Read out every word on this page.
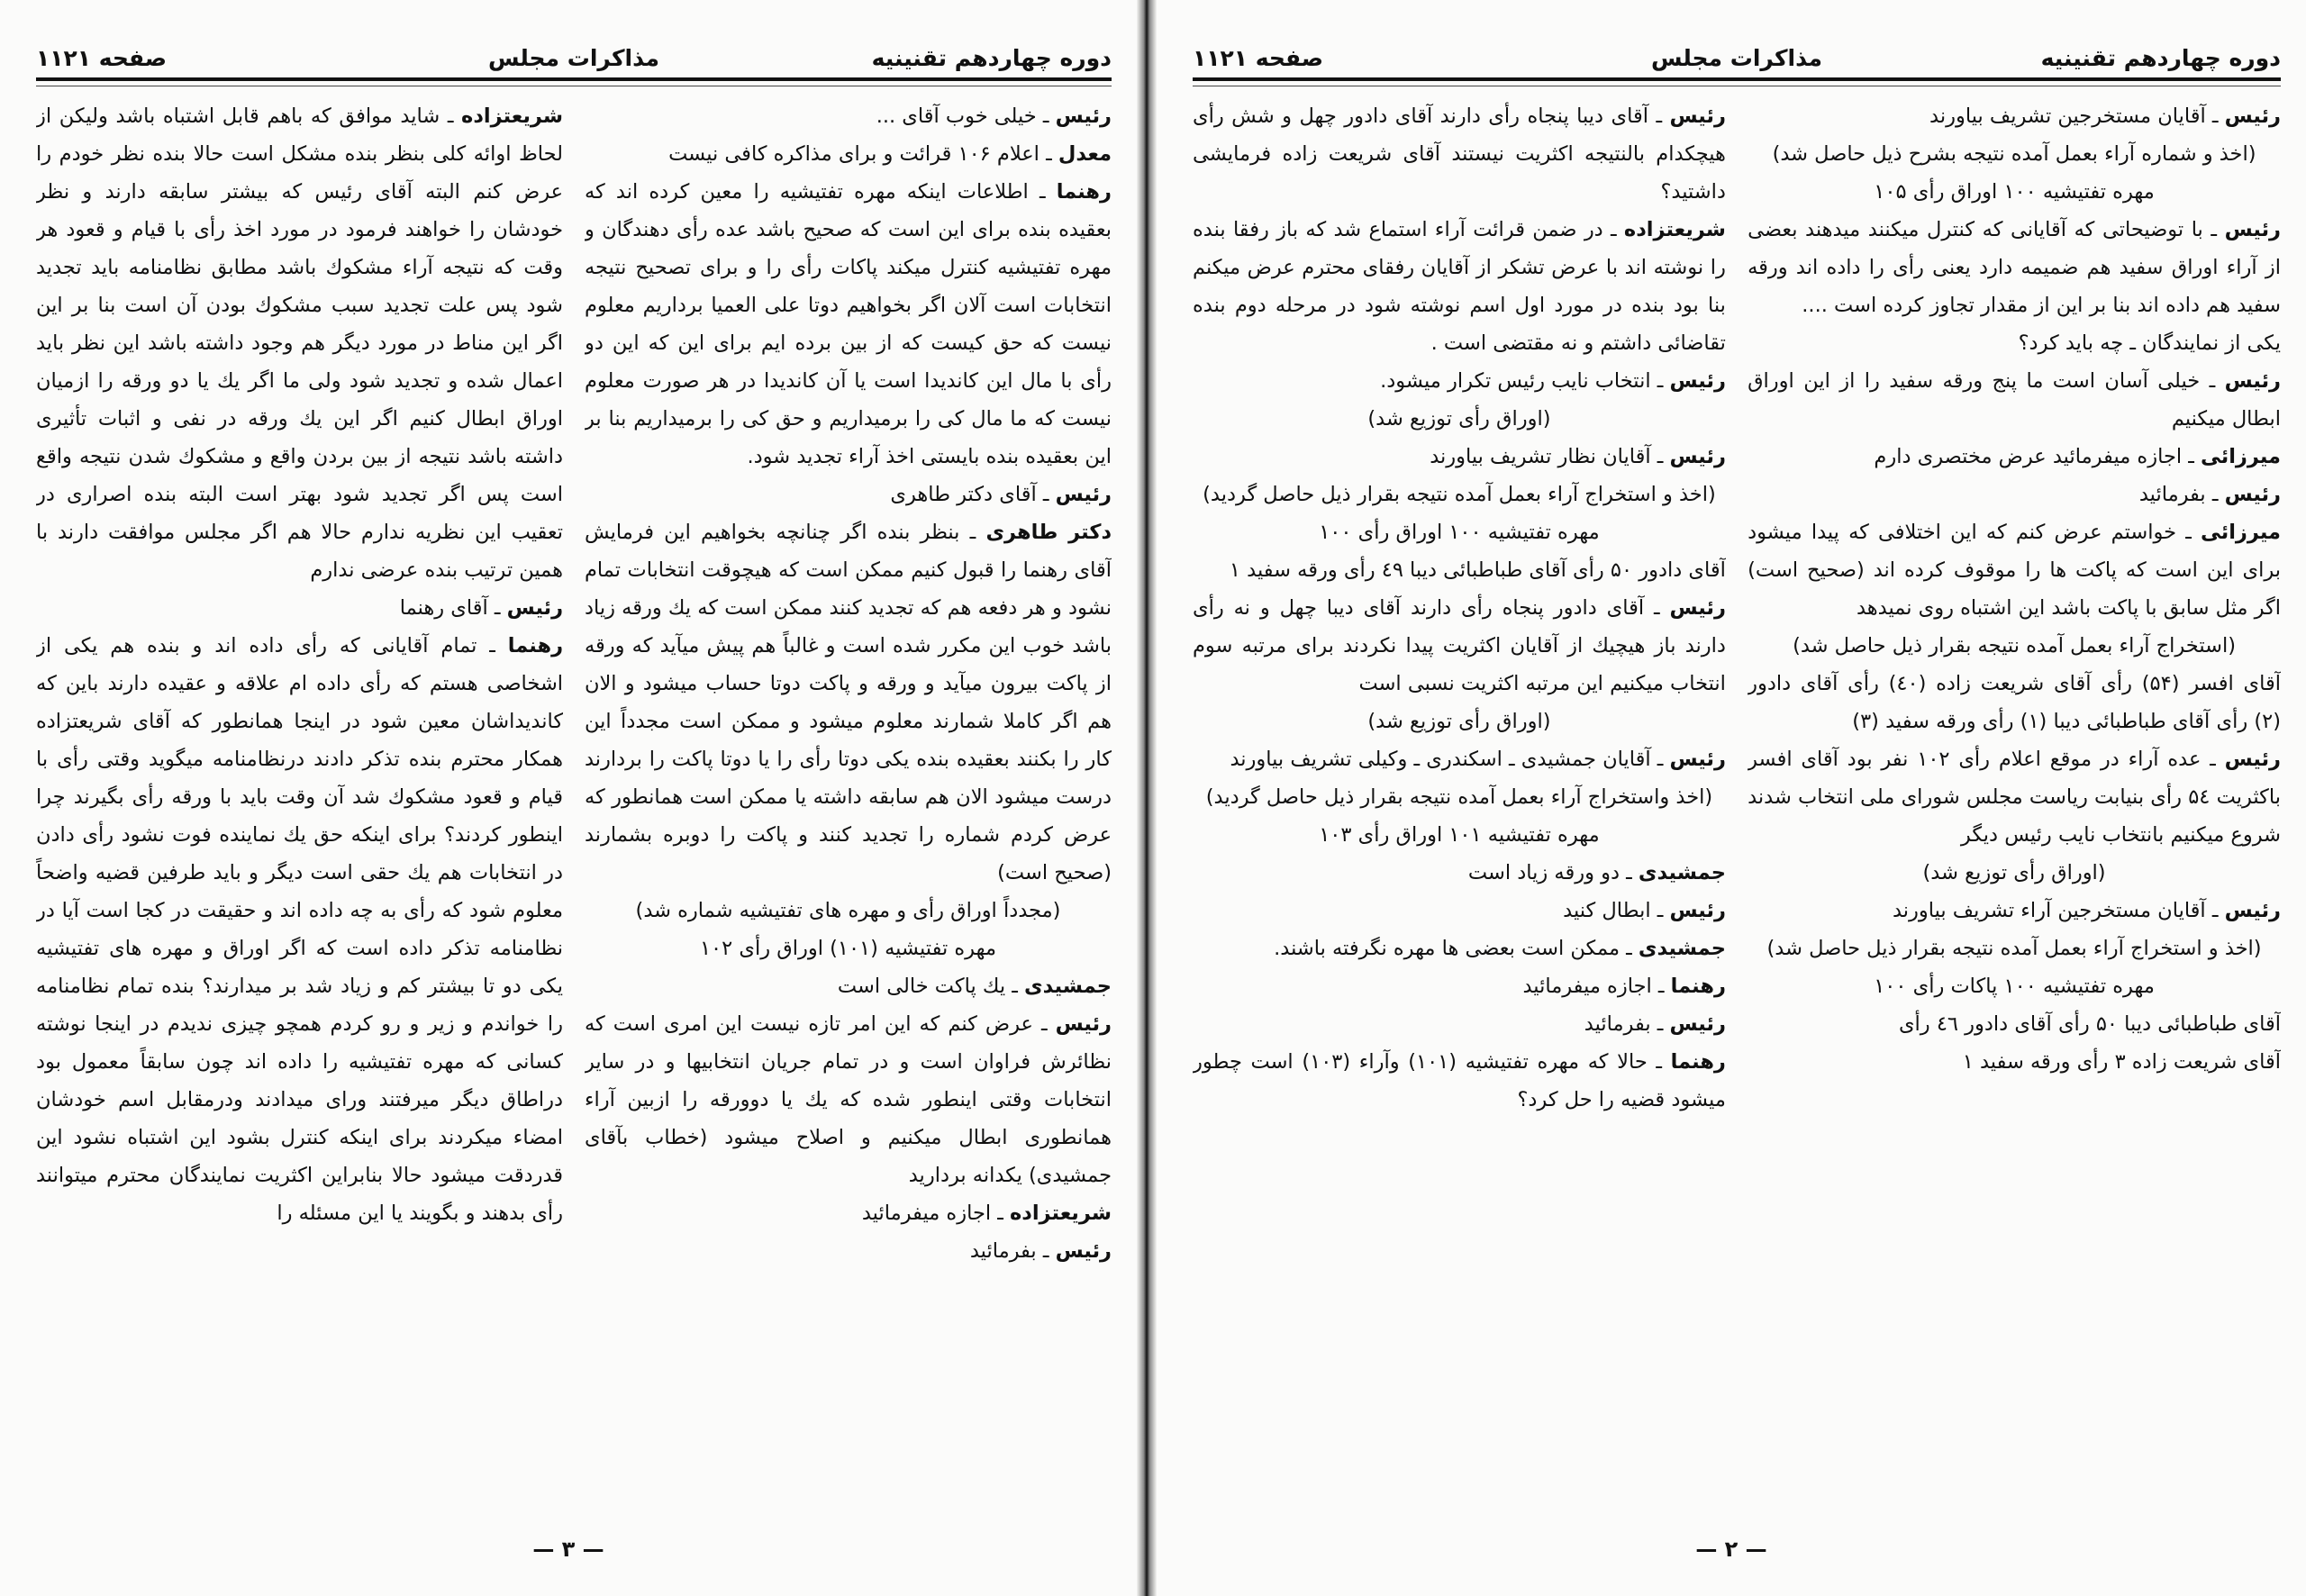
دوره چهاردهم تقنینیه
مذاکرات مجلس
صفحه ۱۱۲۱

رئیس ـ خیلی خوب آقای ...

معدل ـ اعلام ۱۰۶ قرائت و برای مذاکره کافی نیست

رهنما ـ اطلاعات اینکه مهره تفتیشیه را معین کرده اند که بعقیده بنده برای این است که صحیح باشد عده رأی دهندگان و مهره تفتیشیه کنترل میکند پاکات رأی را و برای تصحیح نتیجه انتخابات است آلان اگر بخواهیم دوتا علی العمیا برداریم معلوم نیست که حق کیست که از بین برده ایم برای این که این دو رأی با مال این کاندیدا است یا آن کاندیدا در هر صورت معلوم نیست که ما مال کی را برمیداریم و حق کی را برمیداریم بنا بر این بعقیده بنده بایستی اخذ آراء تجدید شود.

رئیس ـ آقای دکتر طاهری

دکتر طاهری ـ بنظر بنده اگر چنانچه بخواهیم این فرمایش آقای رهنما را قبول کنیم ممکن است که هیچوقت انتخابات تمام نشود و هر دفعه هم که تجدید کنند ممکن است که یك ورقه زیاد باشد خوب این مکرر شده است و غالباً هم پیش میآید که ورقه از پاکت بیرون میآید و ورقه و پاکت دوتا حساب میشود و الان هم اگر کاملا شمارند معلوم میشود و ممکن است مجدداً این کار را بکنند بعقیده بنده یکی دوتا رأی را یا دوتا پاکت را بردارند درست میشود الان هم سابقه داشته یا ممکن است همانطور که عرض کردم شماره را تجدید کنند و پاکت را دوبره بشمارند (صحیح است)

(مجدداً اوراق رأی و مهره های تفتیشیه شماره شد)

مهره تفتیشیه (۱۰۱) اوراق رأی ۱۰۲

جمشیدی ـ یك پاکت خالی است

رئیس ـ عرض کنم که این امر تازه نیست این امری است که نظائرش فراوان است و در تمام جریان انتخابیها و در سایر انتخابات وقتی اینطور شده که یك یا دوورقه را ازبین آراء همانطوری ابطال میکنیم و اصلاح میشود (خطاب بآقای جمشیدی) یکدانه بردارید

شریعتزاده ـ اجازه میفرمائید

رئیس ـ بفرمائید

شریعتزاده ـ شاید موافق که باهم قابل اشتباه باشد ولیکن از لحاظ اوائه کلی بنظر بنده مشکل است حالا بنده نظر خودم را عرض کنم البته آقای رئیس که بیشتر سابقه دارند و نظر خودشان را خواهند فرمود در مورد اخذ رأی با قیام و قعود هر وقت که نتیجه آراء مشکوك باشد مطابق نظامنامه باید تجدید شود پس علت تجدید سبب مشکوك بودن آن است بنا بر این اگر این مناط در مورد دیگر هم وجود داشته باشد این نظر باید اعمال شده و تجدید شود ولی ما اگر یك یا دو ورقه را ازمیان اوراق ابطال کنیم اگر این یك ورقه در نفی و اثبات تأثیری داشته باشد نتیجه از بین بردن واقع و مشکوك شدن نتیجه واقع است پس اگر تجدید شود بهتر است البته بنده اصراری در تعقیب این نظریه ندارم حالا هم اگر مجلس موافقت دارند با همین ترتیب بنده عرضی ندارم

رئیس ـ آقای رهنما

رهنما ـ تمام آقایانی که رأی داده اند و بنده هم یکی از اشخاصی هستم که رأی داده ام علاقه و عقیده دارند باین که کاندیداشان معین شود در اینجا همانطور که آقای شریعتزاده همکار محترم بنده تذکر دادند درنظامنامه میگوید وقتی رأی با قیام و قعود مشکوك شد آن وقت باید با ورقه رأی بگیرند چرا اینطور کردند؟ برای اینکه حق یك نماینده فوت نشود رأی دادن در انتخابات هم یك حقی است دیگر و باید طرفین قضیه واضحاً معلوم شود که رأی به چه داده اند و حقیقت در کجا است آیا در نظامنامه تذکر داده است که اگر اوراق و مهره های تفتیشیه یکی دو تا بیشتر کم و زیاد شد بر میدارند؟ بنده تمام نظامنامه را خواندم و زیر و رو کردم همچو چیزی ندیدم در اینجا نوشته کسانی که مهره تفتیشیه را داده اند چون سابقاً معمول بود دراطاق دیگر میرفتند ورای میدادند ودرمقابل اسم خودشان امضاء میکردند برای اینکه کنترل بشود این اشتباه نشود این قدردقت میشود حالا بنابراین اکثریت نمایندگان محترم میتوانند رأی بدهند و بگویند یا این مسئله را

— ۳ —
دوره چهاردهم تقنینیه
مذاکرات مجلس
صفحه ۱۱۲۱

رئیس ـ آقایان مستخرجین تشریف بیاورند

(اخذ و شماره آراء بعمل آمده نتیجه بشرح ذیل حاصل شد)

مهره تفتیشیه ۱۰۰ اوراق رأی ۱۰۵

رئیس ـ با توضیحاتی که آقایانی که کنترل میکنند میدهند بعضی از آراء اوراق سفید هم ضمیمه دارد یعنی رأی را داده اند ورقه سفید هم داده اند بنا بر این از مقدار تجاوز کرده است ....

یکی از نمایندگان ـ چه باید کرد؟

رئیس ـ خیلی آسان است ما پنج ورقه سفید را از این اوراق ابطال میکنیم

میرزائی ـ اجازه میفرمائید عرض مختصری دارم

رئیس ـ بفرمائید

میرزائی ـ خواستم عرض کنم که این اختلافی که پیدا میشود برای این است که پاکت ها را موقوف کرده اند (صحیح است) اگر مثل سابق با پاکت باشد این اشتباه روی نمیدهد

(استخراج آراء بعمل آمده نتیجه بقرار ذیل حاصل شد)

آقای افسر (۵۴) رأی آقای شریعت زاده (٤٠) رأی آقای دادور (۲) رأی آقای طباطبائی دیبا (۱) رأی ورقه سفید (۳)

رئیس ـ عده آراء در موقع اعلام رأی ۱۰۲ نفر بود آقای افسر باکثریت ۵٤ رأی بنیابت ریاست مجلس شورای ملی انتخاب شدند شروع میکنیم بانتخاب نایب رئیس دیگر

(اوراق رأی توزیع شد)

رئیس ـ آقایان مستخرجین آراء تشریف بیاورند

(اخذ و استخراج آراء بعمل آمده نتیجه بقرار ذیل حاصل شد)

مهره تفتیشیه ۱۰۰ پاکات رأی ۱۰۰

آقای طباطبائی دیبا ۵۰ رأی آقای دادور ٤٦ رأی

آقای شریعت زاده ۳ رأی ورقه سفید ۱

رئیس ـ آقای دیبا پنجاه رأی دارند آقای دادور چهل و شش رأی هیچکدام بالنتیجه اکثریت نیستند آقای شریعت زاده فرمایشی داشتید؟

شریعتزاده ـ در ضمن قرائت آراء استماع شد که باز رفقا بنده را نوشته اند با عرض تشکر از آقایان رفقای محترم عرض میکنم بنا بود بنده در مورد اول اسم نوشته شود در مرحله دوم بنده تقاضائی داشتم و نه مقتضی است .

رئیس ـ انتخاب نایب رئیس تکرار میشود.

(اوراق رأی توزیع شد)

رئیس ـ آقایان نظار تشریف بیاورند

(اخذ و استخراج آراء بعمل آمده نتیجه بقرار ذیل حاصل گردید)

مهره تفتیشیه ۱۰۰ اوراق رأی ۱۰۰

آقای دادور ۵۰ رأی آقای طباطبائی دیبا ٤۹ رأی ورقه سفید ۱

رئیس ـ آقای دادور پنجاه رأی دارند آقای دیبا چهل و نه رأی دارند باز هیچیك از آقایان اکثریت پیدا نکردند برای مرتبه سوم انتخاب میکنیم این مرتبه اکثریت نسبی است

(اوراق رأی توزیع شد)

رئیس ـ آقایان جمشیدی ـ اسکندری ـ وکیلی تشریف بیاورند

(اخذ واستخراج آراء بعمل آمده نتیجه بقرار ذیل حاصل گردید)

مهره تفتیشیه ۱۰۱ اوراق رأی ۱۰۳

جمشیدی ـ دو ورقه زیاد است

رئیس ـ ابطال کنید

جمشیدی ـ ممکن است بعضی ها مهره نگرفته باشند.

رهنما ـ اجازه میفرمائید

رئیس ـ بفرمائید

رهنما ـ حالا که مهره تفتیشیه (۱۰۱) وآراء (۱۰۳) است چطور میشود قضیه را حل کرد؟

— ۲ —
